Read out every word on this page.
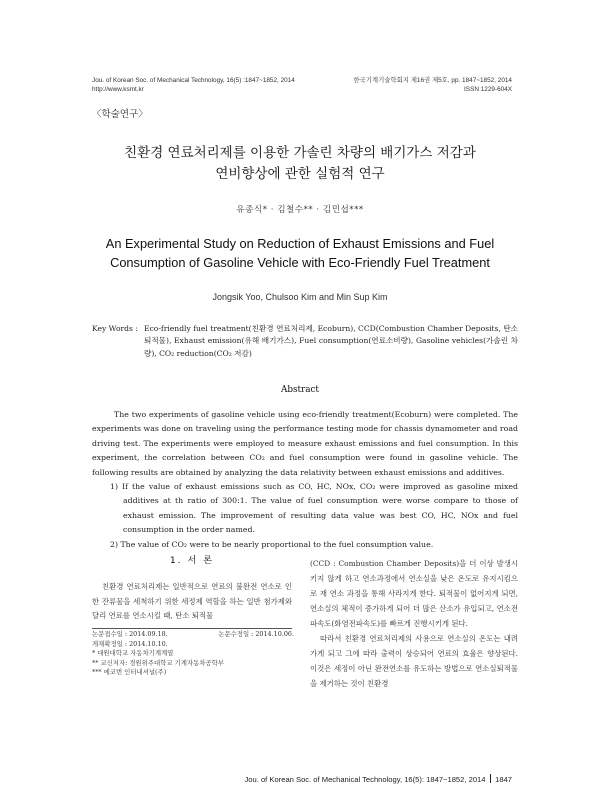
Jou. of Korean Soc. of Mechanical Technology, 16(5) :1847~1852, 2014
http://www.ksmt.kr
한국기계기술학회지 제16권 제5호, pp. 1847~1852, 2014
ISSN 1229-604X
〈학술연구〉
친환경 연료처리제를 이용한 가솔린 차량의 배기가스 저감과
연비향상에 관한 실험적 연구
유종식* · 김철수** · 김민섭***
An Experimental Study on Reduction of Exhaust Emissions and Fuel
Consumption of Gasoline Vehicle with Eco-Friendly Fuel Treatment
Jongsik Yoo, Chulsoo Kim and Min Sup Kim
Key Words : Eco-friendly fuel treatment(친환경 연료처리제, Ecoburn), CCD(Combustion Chamber Deposits, 탄소퇴적물), Exhaust emission(유해 배기가스), Fuel consumption(연료소비량), Gasoline vehicles(가솔린 차량), CO₂ reduction(CO₂ 저감)
Abstract

The two experiments of gasoline vehicle using eco-friendly treatment(Ecoburn) were completed. The experiments was done on traveling using the performance testing mode for chassis dynamometer and road driving test. The experiments were employed to measure exhaust emissions and fuel consumption. In this experiment, the correlation between CO₂ and fuel consumption were found in gasoline vehicle. The following results are obtained by analyzing the data relativity between exhaust emissions and additives.

1) If the value of exhaust emissions such as CO, HC, NOx, CO₂ were improved as gasoline mixed additives at th ratio of 300:1. The value of fuel consumption were worse compare to those of exhaust emission. The improvement of resulting data value was best CO, HC, NOx and fuel consumption in the order named.
2) The value of CO₂ were to be nearly proportional to the fuel consumption value.
1. 서 론

친환경 연료처리제는 일반적으로 연료의 불완전 연소로 인한 잔류물을 세척하기 위한 세정제 역할을 하는 일반 첨가제와 달리 연료를 연소시킬 때, 탄소 퇴적물

논문접수일 : 2014.09.18.	논문수정일 : 2014.10.06.
게재확정일 : 2014.10.10.
* 대원대학교 자동차기계계열
** 교신저자: 경원위주대학교 기계자동차공학부
*** 에코번 인터내셔널(주)

(CCD : Combustion Chamber Deposits)을 더 이상 발생시키지 않게 하고 연소과정에서 연소실을 낮은 온도로 유지시킴으로 재 연소 과정을 통해 사라지게 한다. 퇴적물이 없어지게 되면, 연소실의 체적이 증가하게 되어 더 많은 산소가 유입되고, 연소전파속도(화염전파속도)를 빠르게 진행시키게 된다.

따라서 친환경 연료처리제의 사용으로 연소실의 온도는 내려가게 되고 그에 따라 출력이 상승되어 연료의 효율은 향상된다. 이것은 세정이 아닌 완전연소를 유도하는 방법으로 연소실퇴적물을 제거하는 것이 친환경

Jou. of Korean Soc. of Mechanical Technology, 16(5): 1847~1852, 2014 1847
